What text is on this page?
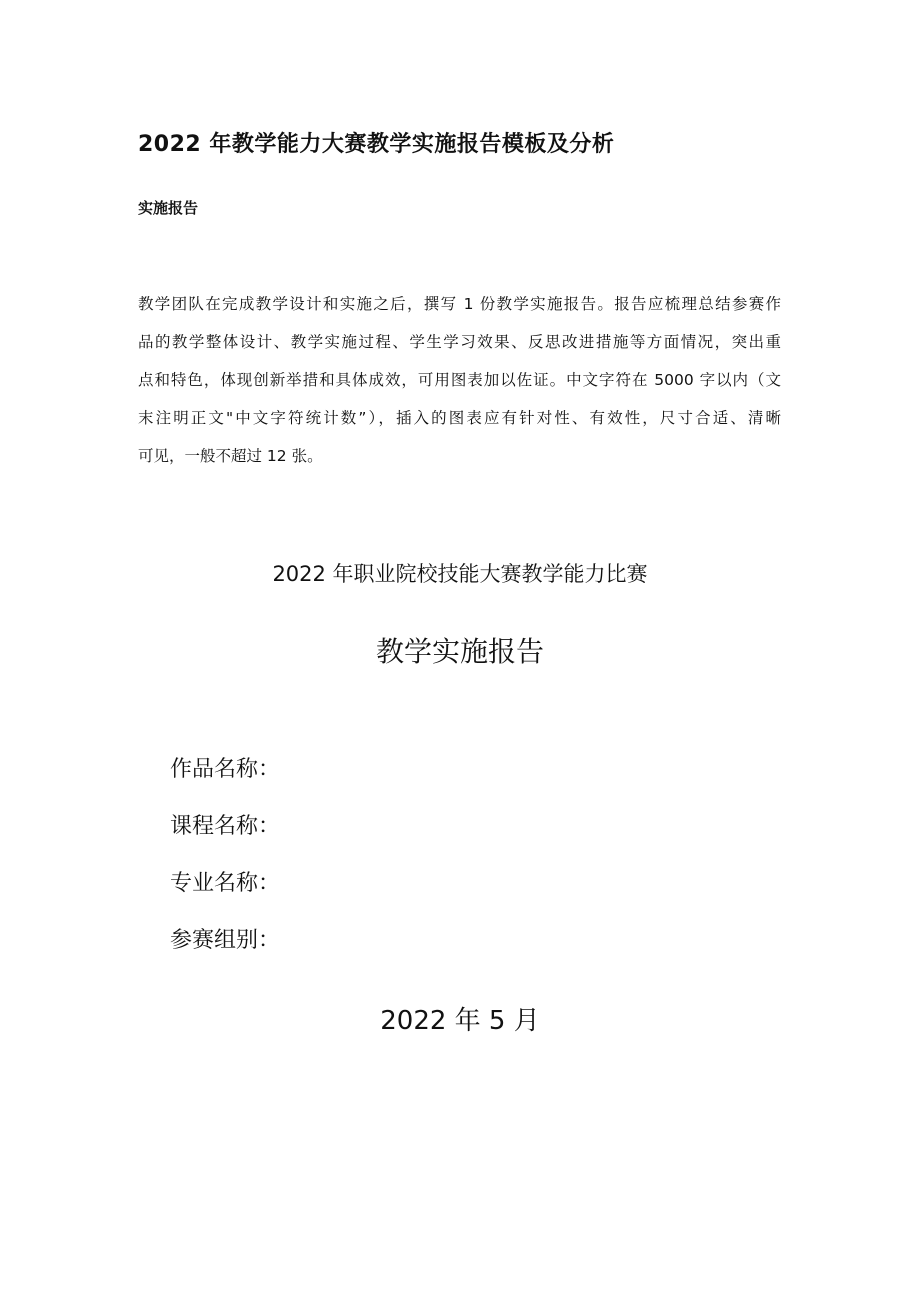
2022 年教学能力大赛教学实施报告模板及分析
实施报告
教学团队在完成教学设计和实施之后，撰写 1 份教学实施报告。报告应梳理总结参赛作
品的教学整体设计、教学实施过程、学生学习效果、反思改进措施等方面情况，突出重
点和特色，体现创新举措和具体成效，可用图表加以佐证。中文字符在 5000 字以内（文
末注明正文"中文字符统计数”），插入的图表应有针对性、有效性，尺寸合适、清晰
可见，一般不超过 12 张。
2022 年职业院校技能大赛教学能力比赛
教学实施报告
作品名称：
课程名称：
专业名称：
参赛组别：
2022 年 5 月
